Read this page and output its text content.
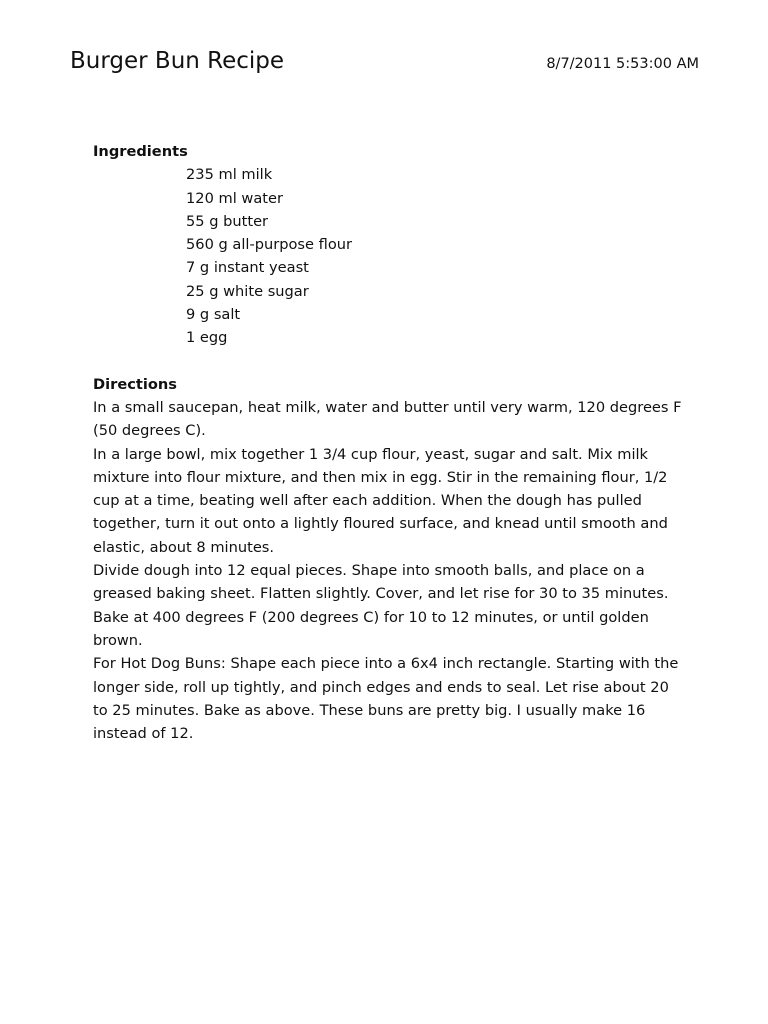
Burger Bun Recipe	8/7/2011 5:53:00 AM
Ingredients
235 ml milk
120 ml water
55 g butter
560 g all-purpose flour
7 g instant yeast
25 g white sugar
9 g salt
1 egg
Directions

In a small saucepan, heat milk, water and butter until very warm, 120 degrees F (50 degrees C).

In a large bowl, mix together 1 3/4 cup flour, yeast, sugar and salt. Mix milk mixture into flour mixture, and then mix in egg. Stir in the remaining flour, 1/2 cup at a time, beating well after each addition. When the dough has pulled together, turn it out onto a lightly floured surface, and knead until smooth and elastic, about 8 minutes.

Divide dough into 12 equal pieces. Shape into smooth balls, and place on a greased baking sheet. Flatten slightly. Cover, and let rise for 30 to 35 minutes.

Bake at 400 degrees F (200 degrees C) for 10 to 12 minutes, or until golden brown.

For Hot Dog Buns: Shape each piece into a 6x4 inch rectangle. Starting with the longer side, roll up tightly, and pinch edges and ends to seal. Let rise about 20 to 25 minutes. Bake as above. These buns are pretty big. I usually make 16 instead of 12.
